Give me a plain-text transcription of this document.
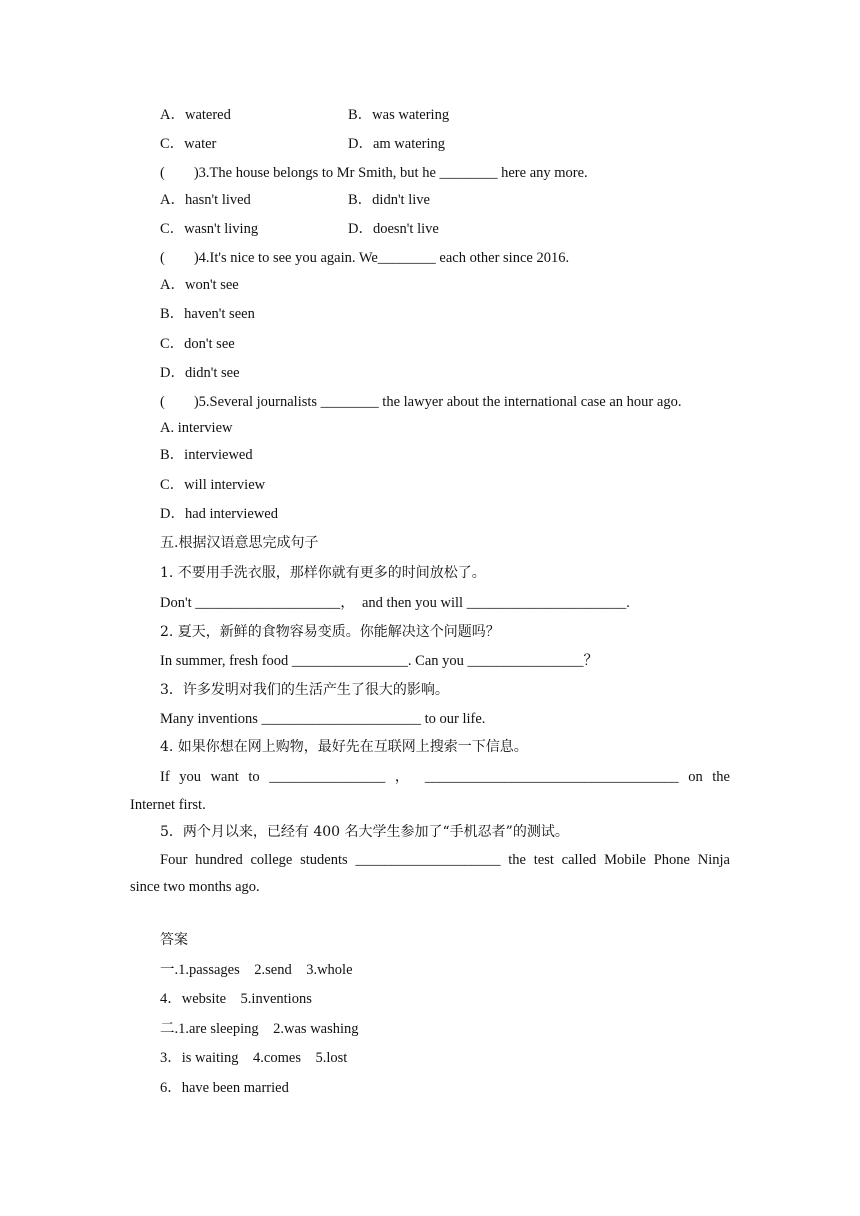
A．watered	B．was watering
C．water	D．am watering
(　　)3.The house belongs to Mr Smith, but he ________ here any more.
A．hasn't lived	B．didn't live
C．wasn't living	D．doesn't live
(　　)4.It's nice to see you again. We________ each other since 2016.
A．won't see
B．haven't seen
C．don't see
D．didn't see
(　　)5.Several journalists ________ the lawyer about the international case an hour ago.
A. interview
B．interviewed
C．will interview
D．had interviewed
五.根据汉语意思完成句子
1. 不要用手洗衣服，那样你就有更多的时间放松了。
Don't ____________________，  and then you will ______________________.
2. 夏天，新鲜的食物容易变质。你能解决这个问题吗？
In summer, fresh food ________________. Can you ________________？
3．许多发明对我们的生活产生了很大的影响。
Many inventions ______________________ to our life.
4. 如果你想在网上购物，最好先在互联网上搜索一下信息。
If you want to ________________ ， ___________________________________ on the
Internet first.
5．两个月以来，已经有 400 名大学生参加了“手机忍者”的测试。
Four hundred college students ____________________ the test called Mobile Phone Ninja
since two months ago.
答案
一.1.passages　2.send　3.whole
4．website　5.inventions
二.1.are sleeping　2.was washing
3．is waiting　4.comes　5.lost
6．have been married
